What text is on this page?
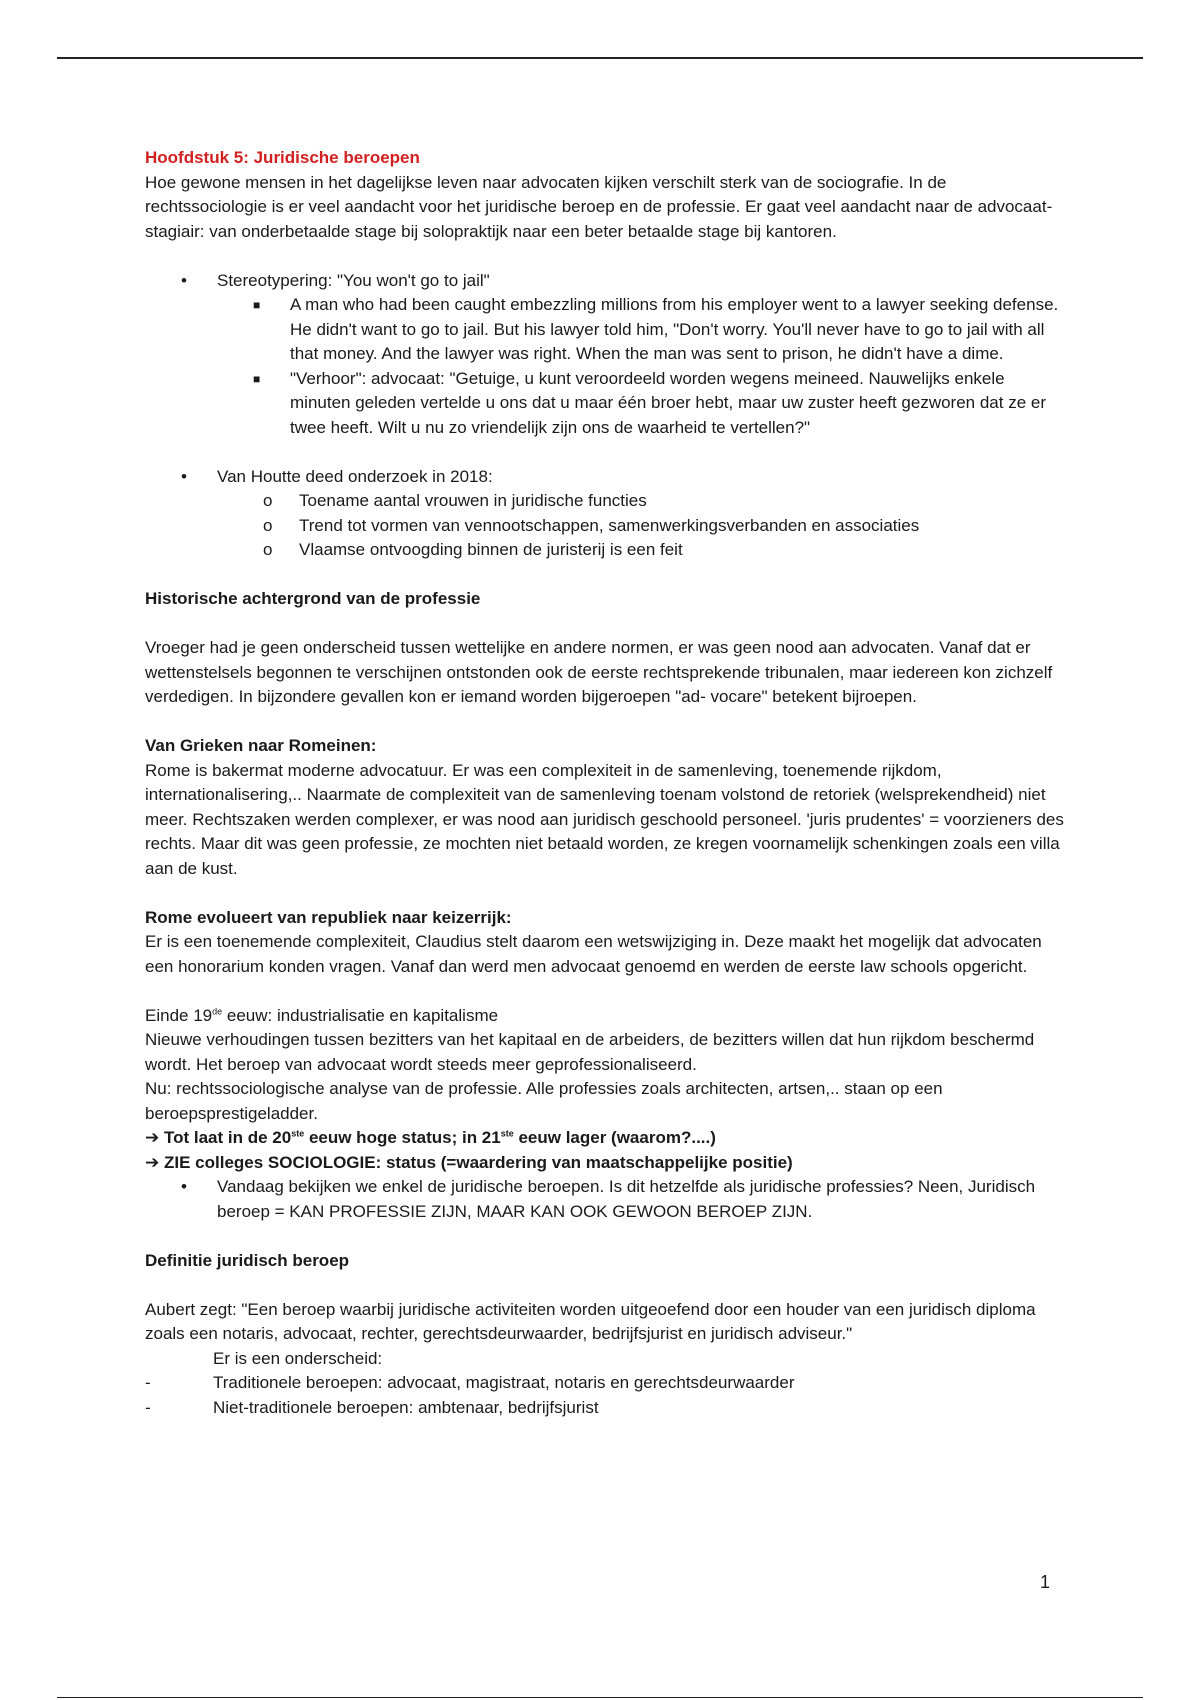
Hoofdstuk 5: Juridische beroepen

Hoe gewone mensen in het dagelijkse leven naar advocaten kijken verschilt sterk van de sociografie. In de rechtssociologie is er veel aandacht voor het juridische beroep en de professie. Er gaat veel aandacht naar de advocaat-stagiair: van onderbetaalde stage bij solopraktijk naar een beter betaalde stage bij kantoren.

• Stereotypering: "You won't go to jail"
■ A man who had been caught embezzling millions from his employer went to a lawyer seeking defense. He didn't want to go to jail. But his lawyer told him, "Don't worry. You'll never have to go to jail with all that money. And the lawyer was right. When the man was sent to prison, he didn't have a dime.
■ "Verhoor": advocaat: "Getuige, u kunt veroordeeld worden wegens meineed. Nauwelijks enkele minuten geleden vertelde u ons dat u maar één broer hebt, maar uw zuster heeft gezworen dat ze er twee heeft. Wilt u nu zo vriendelijk zijn ons de waarheid te vertellen?"
• Van Houtte deed onderzoek in 2018:
o Toename aantal vrouwen in juridische functies
o Trend tot vormen van vennootschappen, samenwerkingsverbanden en associaties
o Vlaamse ontvoogding binnen de juristerij is een feit

Historische achtergrond van de professie

Vroeger had je geen onderscheid tussen wettelijke en andere normen, er was geen nood aan advocaten. Vanaf dat er wettenstelsels begonnen te verschijnen ontstonden ook de eerste rechtsprekende tribunalen, maar iedereen kon zichzelf verdedigen. In bijzondere gevallen kon er iemand worden bijgeroepen "ad- vocare" betekent bijroepen.

Van Grieken naar Romeinen:

Rome is bakermat moderne advocatuur. Er was een complexiteit in de samenleving, toenemende rijkdom, internationalisering,.. Naarmate de complexiteit van de samenleving toenam volstond de retoriek (welsprekendheid) niet meer. Rechtszaken werden complexer, er was nood aan juridisch geschoold personeel. 'juris prudentes' = voorzieners des rechts. Maar dit was geen professie, ze mochten niet betaald worden, ze kregen voornamelijk schenkingen zoals een villa aan de kust.

Rome evolueert van republiek naar keizerrijk:

Er is een toenemende complexiteit, Claudius stelt daarom een wetswijziging in. Deze maakt het mogelijk dat advocaten een honorarium konden vragen. Vanaf dan werd men advocaat genoemd en werden de eerste law schools opgericht.

Einde 19de eeuw: industrialisatie en kapitalisme

Nieuwe verhoudingen tussen bezitters van het kapitaal en de arbeiders, de bezitters willen dat hun rijkdom beschermd wordt. Het beroep van advocaat wordt steeds meer geprofessionaliseerd.

Nu: rechtssociologische analyse van de professie. Alle professies zoals architecten, artsen,.. staan op een beroepsprestigeladder.

➔ Tot laat in de 20ste eeuw hoge status; in 21ste eeuw lager (waarom?....)

➔ ZIE colleges SOCIOLOGIE: status (=waardering van maatschappelijke positie)

• Vandaag bekijken we enkel de juridische beroepen. Is dit hetzelfde als juridische professies? Neen, Juridisch beroep = KAN PROFESSIE ZIJN, MAAR KAN OOK GEWOON BEROEP ZIJN.

Definitie juridisch beroep

Aubert zegt: "Een beroep waarbij juridische activiteiten worden uitgeoefend door een houder van een juridisch diploma zoals een notaris, advocaat, rechter, gerechtsdeurwaarder, bedrijfsjurist en juridisch adviseur."

Er is een onderscheid:

-	Traditionele beroepen: advocaat, magistraat, notaris en gerechtsdeurwaarder
-	Niet-traditionele beroepen: ambtenaar, bedrijfsjurist
1
